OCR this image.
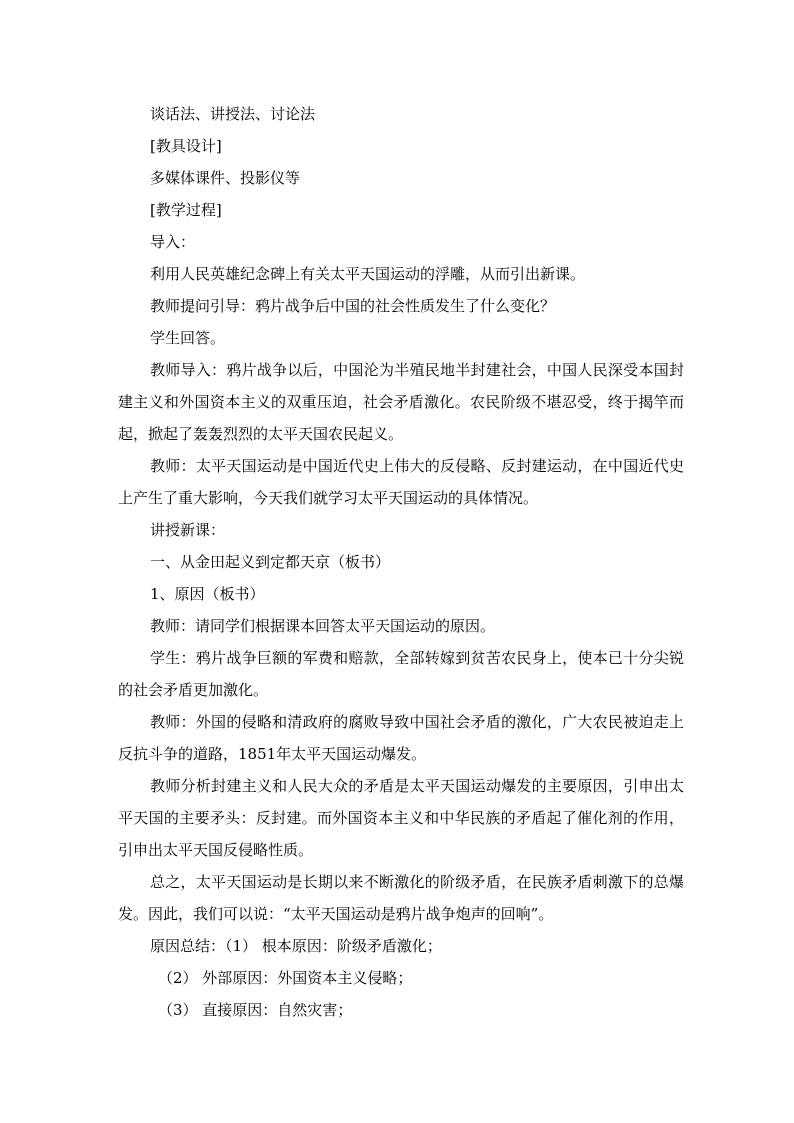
谈话法、讲授法、讨论法

[教具设计]

多媒体课件、投影仪等

[教学过程]

导入：

利用人民英雄纪念碑上有关太平天国运动的浮雕，从而引出新课。

教师提问引导：鸦片战争后中国的社会性质发生了什么变化？

学生回答。

教师导入：鸦片战争以后，中国沦为半殖民地半封建社会，中国人民深受本国封建主义和外国资本主义的双重压迫，社会矛盾激化。农民阶级不堪忍受，终于揭竿而起，掀起了轰轰烈烈的太平天国农民起义。

教师：太平天国运动是中国近代史上伟大的反侵略、反封建运动，在中国近代史上产生了重大影响，今天我们就学习太平天国运动的具体情况。

讲授新课：

一、从金田起义到定都天京（板书）

1、原因（板书）

教师：请同学们根据课本回答太平天国运动的原因。

学生：鸦片战争巨额的军费和赔款，全部转嫁到贫苦农民身上，使本已十分尖锐的社会矛盾更加激化。

教师：外国的侵略和清政府的腐败导致中国社会矛盾的激化，广大农民被迫走上反抗斗争的道路，1851年太平天国运动爆发。

教师分析封建主义和人民大众的矛盾是太平天国运动爆发的主要原因，引申出太平天国的主要矛头：反封建。而外国资本主义和中华民族的矛盾起了催化剂的作用，引申出太平天国反侵略性质。

总之，太平天国运动是长期以来不断激化的阶级矛盾，在民族矛盾刺激下的总爆发。因此，我们可以说：“太平天国运动是鸦片战争炮声的回响”。

原因总结：（1） 根本原因：阶级矛盾激化；

（2） 外部原因：外国资本主义侵略；

（3） 直接原因：自然灾害；
